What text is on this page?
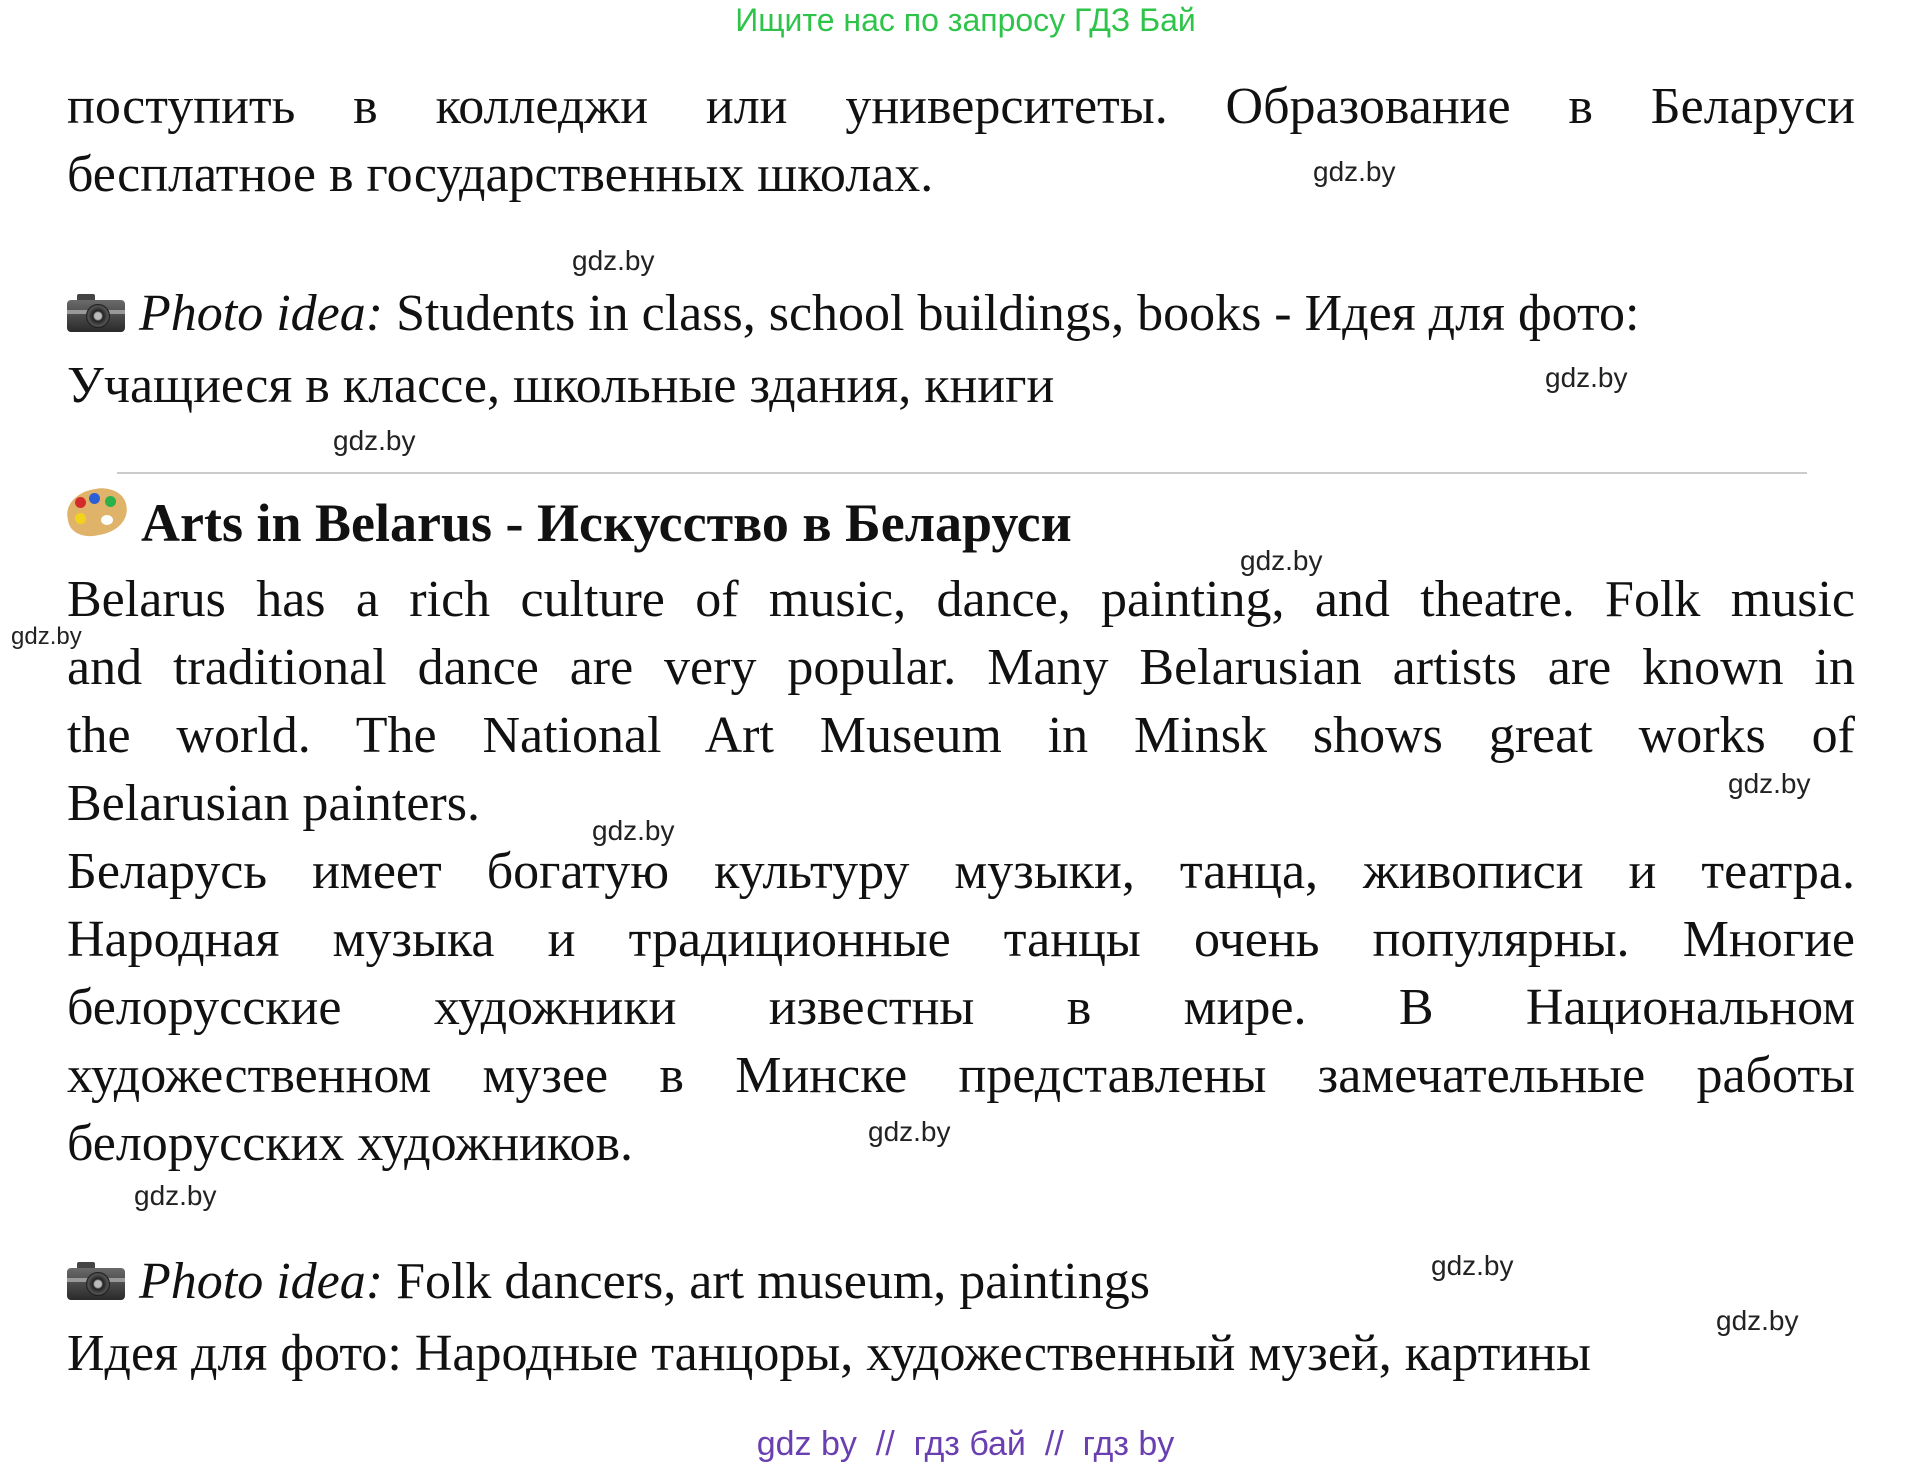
Ищите нас по запросу ГДЗ Бай
поступить в колледжи или университеты. Образование в Беларуси
бесплатное в государственных школах.
Photo idea: Students in class, school buildings, books - Идея для фото:
Учащиеся в классе, школьные здания, книги
Arts in Belarus - Искусство в Беларуси
Belarus has a rich culture of music, dance, painting, and theatre. Folk music
and traditional dance are very popular. Many Belarusian artists are known in
the world. The National Art Museum in Minsk shows great works of
Belarusian painters.
Беларусь имеет богатую культуру музыки, танца, живописи и театра.
Народная музыка и традиционные танцы очень популярны. Многие
белорусские художники известны в мире. В Национальном
художественном музее в Минске представлены замечательные работы
белорусских художников.
Photo idea: Folk dancers, art museum, paintings
Идея для фото: Народные танцоры, художественный музей, картины
gdz.by
gdz.by
gdz.by
gdz.by
gdz.by
gdz.by
gdz.by
gdz.by
gdz.by
gdz.by
gdz.by
gdz.by
gdz by  //  гдз бай  //  гдз by
